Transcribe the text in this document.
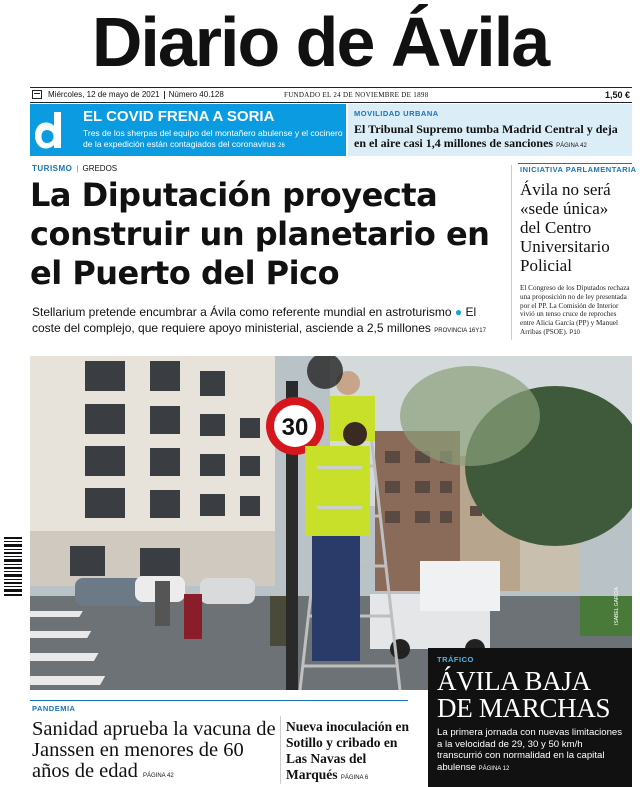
Diario de Ávila
Miércoles, 12 de mayo de 2021 Número 40.128	FUNDADO EL 24 DE NOVIEMBRE DE 1898	1,50 €
EL COVID FRENA A SORIA
Tres de los sherpas del equipo del montañero abulense y el cocinero de la expedición están contagiados del coronavirus 26
MOVILIDAD URBANA
El Tribunal Supremo tumba Madrid Central y deja en el aire casi 1,4 millones de sanciones PÁGINA 42
TURISMO | GREDOS
La Diputación proyecta construir un planetario en el Puerto del Pico
Stellarium pretende encumbrar a Ávila como referente mundial en astroturismo ● El coste del complejo, que requiere apoyo ministerial, asciende a 2,5 millones PROVINCIA 16Y17
INICIATIVA PARLAMENTARIA
Ávila no será «sede única» del Centro Universitario Policial
El Congreso de los Diputados rechaza una proposición no de ley presentada por el PP. La Comisión de Interior vivió un tenso cruce de reproches entre Alicia García (PP) y Manuel Arribas (PSOE). P10
30
ISABEL GARCÍA
TRÁFICO
ÁVILA BAJA DE MARCHAS
La primera jornada con nuevas limitaciones a la velocidad de 29, 30 y 50 km/h transcurrió con normalidad en la capital abulense PÁGINA 12
PANDEMIA
Sanidad aprueba la vacuna de Janssen en menores de 60 años de edad PÁGINA 42
Nueva inoculación en Sotillo y cribado en Las Navas del Marqués PÁGINA 6
